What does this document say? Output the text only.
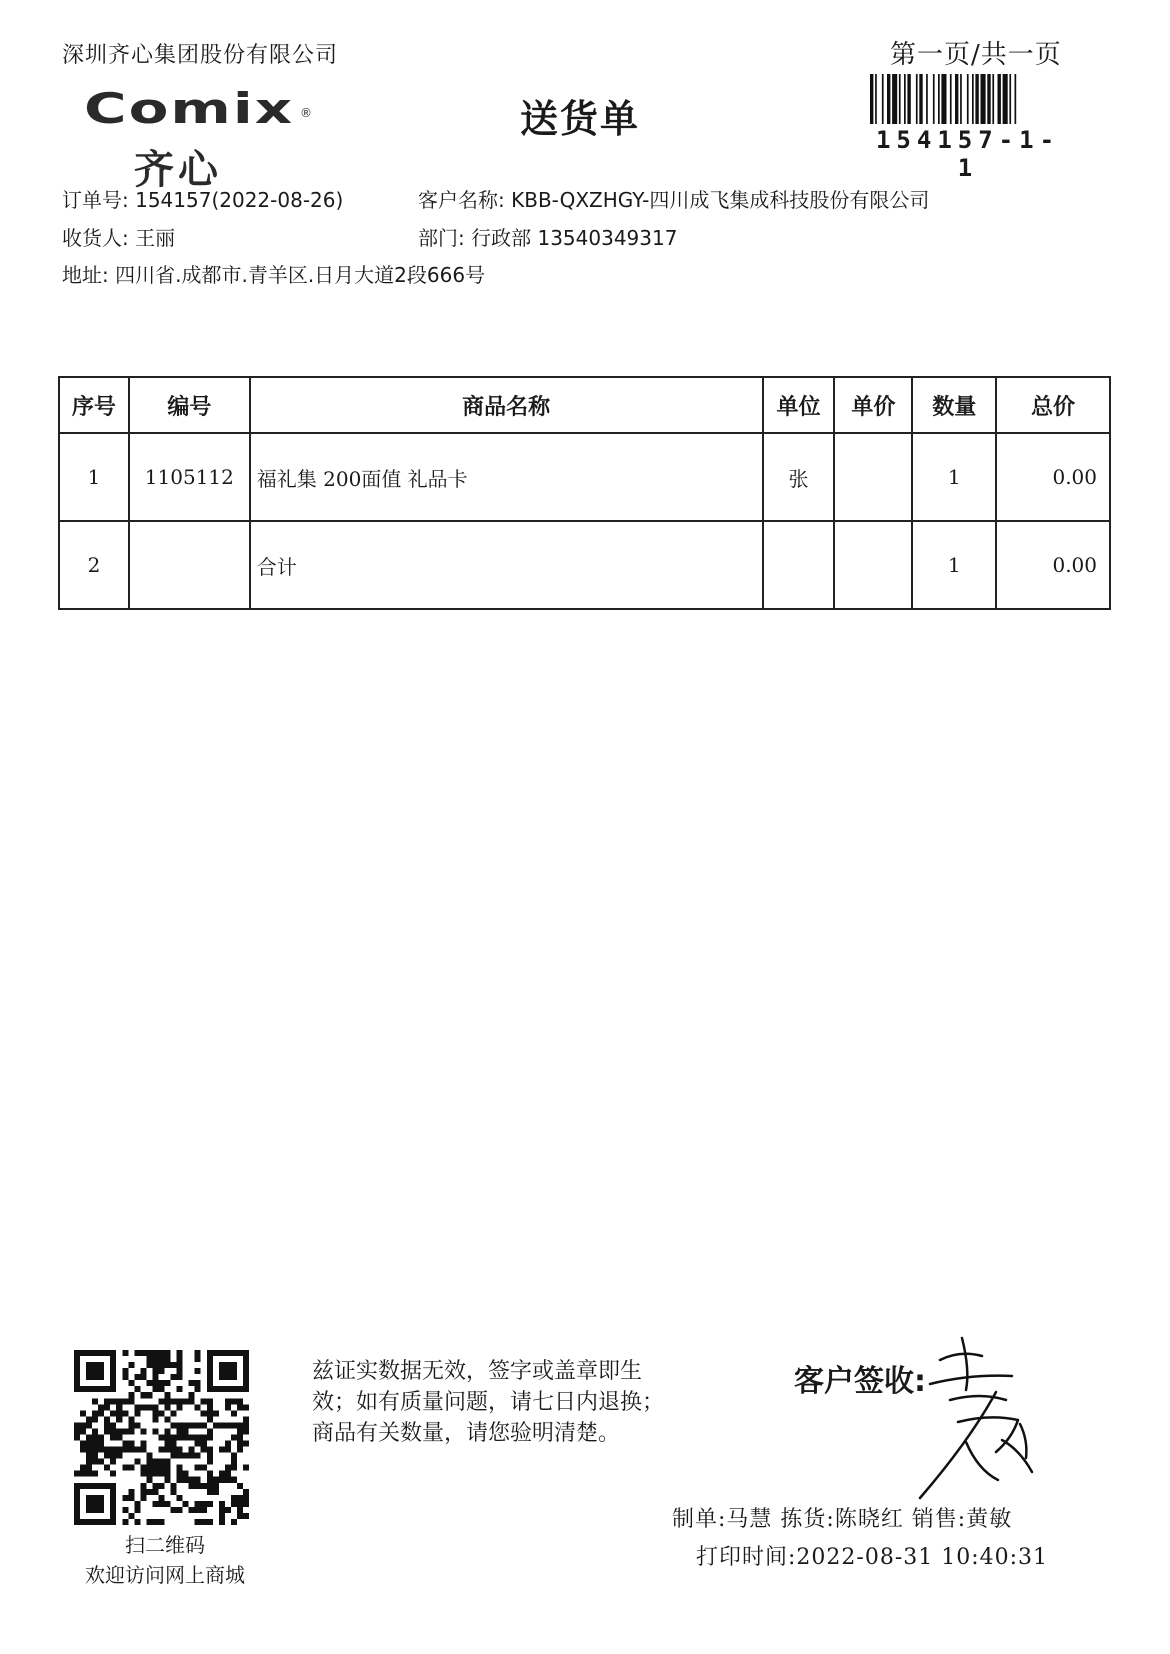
深圳齐心集团股份有限公司	第一页/共一页
Comix ®
齐心
送货单	154157-1-1
订单号: 154157(2022-08-26)	客户名称: KBB-QXZHGY-四川成飞集成科技股份有限公司
收货人: 王丽	部门: 行政部 13540349317
地址: 四川省.成都市.青羊区.日月大道2段666号
序号	编号	商品名称	单位	单价	数量	总价
1	1105112	福礼集 200面值 礼品卡	张		1	0.00
2		合计			1	0.00
扫二维码
欢迎访问网上商城
兹证实数据无效，签字或盖章即生
效；如有质量问题，请七日内退换；
商品有关数量，请您验明清楚。
客户签收:
制单:马慧 拣货:陈晓红 销售:黄敏
打印时间:2022-08-31 10:40:31
